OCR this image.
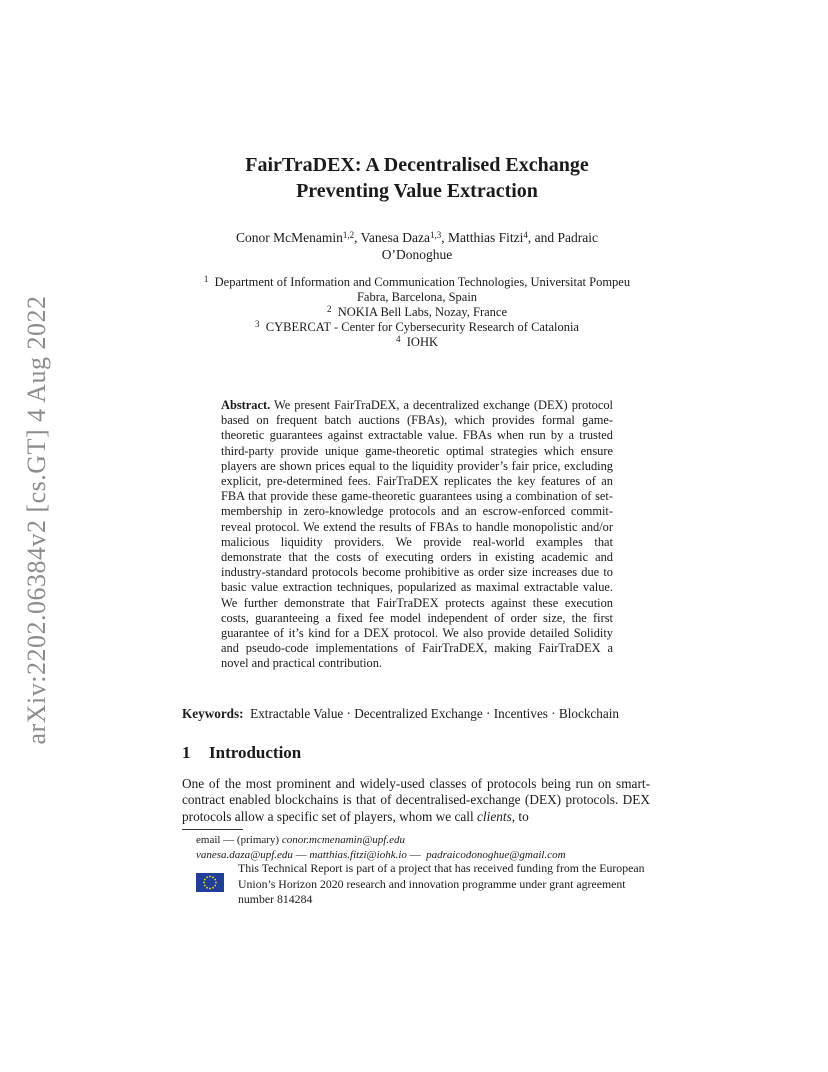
arXiv:2202.06384v2 [cs.GT] 4 Aug 2022
FairTraDEX: A Decentralised Exchange
Preventing Value Extraction
Conor McMenamin$^{1,2}$, Vanesa Daza$^{1,3}$, Matthias Fitzi$^4$, and Padraic
O’Donoghue
$^1$ Department of Information and Communication Technologies, Universitat Pompeu
Fabra, Barcelona, Spain
$^2$ NOKIA Bell Labs, Nozay, France
$^3$ CYBERCAT - Center for Cybersecurity Research of Catalonia
$^4$ IOHK
Abstract. We present FairTraDEX, a decentralized exchange (DEX) protocol based on frequent batch auctions (FBAs), which provides formal game-theoretic guarantees against extractable value. FBAs when run by a trusted third-party provide unique game-theoretic optimal strategies which ensure players are shown prices equal to the liquidity provider’s fair price, excluding explicit, pre-determined fees. FairTraDEX replicates the key features of an FBA that provide these game-theoretic guarantees using a combination of set-membership in zero-knowledge protocols and an escrow-enforced commit-reveal protocol. We extend the results of FBAs to handle monopolistic and/or malicious liquidity providers. We provide real-world examples that demonstrate that the costs of executing orders in existing academic and industry-standard protocols become prohibitive as order size increases due to basic value extraction techniques, popularized as maximal extractable value. We further demonstrate that FairTraDEX protects against these execution costs, guaranteeing a fixed fee model independent of order size, the first guarantee of it’s kind for a DEX protocol. We also provide detailed Solidity and pseudo-code implementations of FairTraDEX, making FairTraDEX a novel and practical contribution.
Keywords: Extractable Value · Decentralized Exchange · Incentives · Blockchain
1 Introduction
One of the most prominent and widely-used classes of protocols being run on smart-contract enabled blockchains is that of decentralised-exchange (DEX) protocols. DEX protocols allow a specific set of players, whom we call clients, to
email — (primary) conor.mcmenamin@upf.edu
vanesa.daza@upf.edu — matthias.fitzi@iohk.io — padraicodonoghue@gmail.com
This Technical Report is part of a project that has received funding from the European Union’s Horizon 2020 research and innovation programme under grant agreement number 814284
